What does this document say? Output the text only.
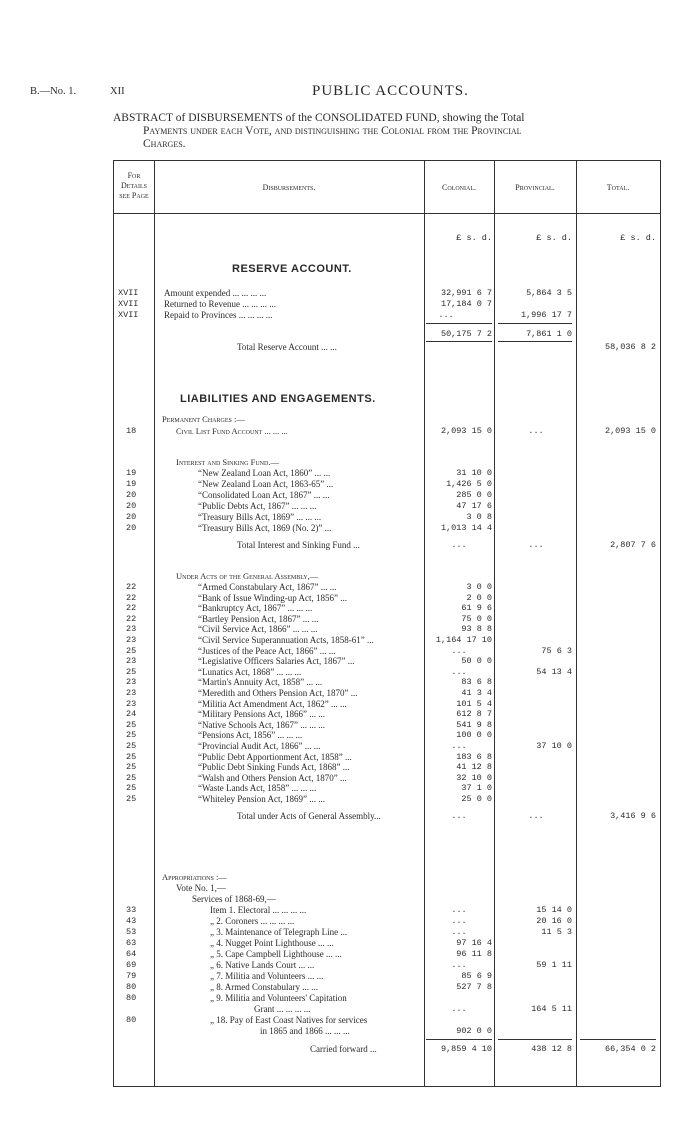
B.—No. 1.	XII	PUBLIC ACCOUNTS.
ABSTRACT of DISBURSEMENTS of the CONSOLIDATED FUND, showing the Total
Payments under each Vote, and distinguishing the Colonial from the Provincial
Charges.
For Details see Page
Disbursements.	Colonial.	Provincial.	Total.
£ s. d.	£ s. d.	£ s. d.
RESERVE ACCOUNT.
XVII	Amount expended ... ... ... ...	32,991 6 7	5,864 3 5
XVII	Returned to Revenue ... ... ... ...	17,184 0 7
XVII	Repaid to Provinces ... ... ... ...	...	1,996 17 7
50,175 7 2	7,861 1 0
Total Reserve Account ... ...	58,036 8 2
LIABILITIES AND ENGAGEMENTS.
Permanent Charges :—
18	Civil List Fund Account ... ... ...	2,093 15 0	...	2,093 15 0
Interest and Sinking Fund.—
19	“New Zealand Loan Act, 1860” ... ...	31 10 0
19	“New Zealand Loan Act, 1863-65” ...	1,426 5 0
20	“Consolidated Loan Act, 1867” ... ...	285 0 0
20	“Public Debts Act, 1867” ... ... ...	47 17 6
20	“Treasury Bills Act, 1869” ... ... ...	3 0 8
20	“Treasury Bills Act, 1869 (No. 2)” ...	1,013 14 4
Total Interest and Sinking Fund ...	...	...	2,807 7 6
Under Acts of the General Assembly,—
22	“Armed Constabulary Act, 1867” ... ...	3 0 0
22	“Bank of Issue Winding-up Act, 1856” ...	2 0 0
22	“Bankruptcy Act, 1867” ... ... ...	61 9 6
22	“Bartley Pension Act, 1867” ... ...	75 0 0
23	“Civil Service Act, 1866” ... ... ...	93 8 8
23	“Civil Service Superannuation Acts, 1858-61” ...	1,164 17 10
25	“Justices of the Peace Act, 1866” ... ...	...	75 6 3
23	“Legislative Officers Salaries Act, 1867” ...	50 0 0
25	“Lunatics Act, 1868” ... ... ...	...	54 13 4
23	“Martin's Annuity Act, 1858” ... ...	83 6 8
23	“Meredith and Others Pension Act, 1870” ...	41 3 4
23	“Militia Act Amendment Act, 1862” ... ...	101 5 4
24	“Military Pensions Act, 1866” ... ...	612 8 7
25	“Native Schools Act, 1867” ... ... ...	541 9 8
25	“Pensions Act, 1856” ... ... ...	100 0 0
25	“Provincial Audit Act, 1866” ... ...	...	37 10 0
25	“Public Debt Apportionment Act, 1858” ...	183 6 8
25	“Public Debt Sinking Funds Act, 1868” ...	41 12 8
25	“Walsh and Others Pension Act, 1870” ...	32 10 0
25	“Waste Lands Act, 1858” ... ... ...	37 1 0
25	“Whiteley Pension Act, 1869” ... ...	25 0 0
Total under Acts of General Assembly...	...	...	3,416 9 6
Appropriations :—
Vote No. 1,—
Services of 1868-69,—
33	Item 1. Electoral ... ... ... ...	...	15 14 0
43	„ 2. Coroners ... ... ... ...	...	20 16 0
53	„ 3. Maintenance of Telegraph Line ...	...	11 5 3
63	„ 4. Nugget Point Lighthouse ... ...	97 16 4
64	„ 5. Cape Campbell Lighthouse ... ...	96 11 8
69	„ 6. Native Lands Court ... ...	...	59 1 11
79	„ 7. Militia and Volunteers ... ...	85 6 9
80	„ 8. Armed Constabulary ... ...	527 7 8
80	„ 9. Militia and Volunteers' Capitation
Grant ... ... ... ...	...	164 5 11
80	„ 18. Pay of East Coast Natives for services
in 1865 and 1866 ... ... ...	902 0 0
Carried forward ...	9,859 4 10	438 12 8	66,354 0 2
